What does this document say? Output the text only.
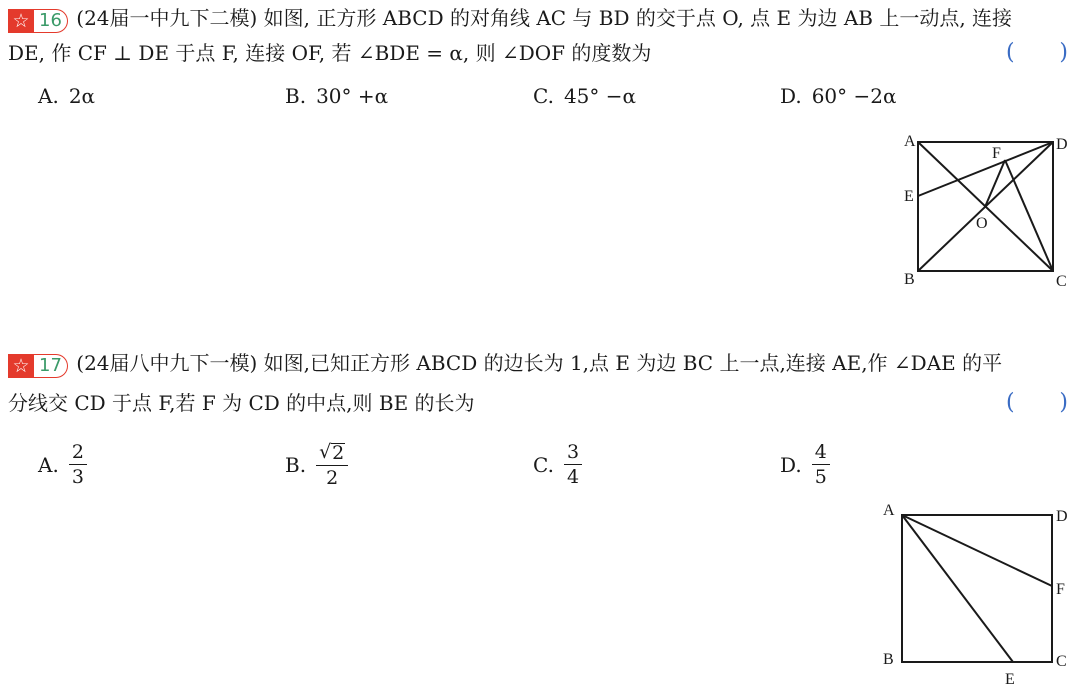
☆ 16 (24届一中九下二模) 如图, 正方形 ABCD 的对角线 AC 与 BD 的交于点 O, 点 E 为边 AB 上一动点, 连接
DE, 作 CF ⊥ DE 于点 F, 连接 OF, 若 ∠BDE = α, 则 ∠DOF 的度数为	( )
A. 2α	B. 30° +α	C. 45° −α	D. 60° −2α
A	D
E
F
O
B	C
☆ 17 (24届八中九下一模) 如图,已知正方形 ABCD 的边长为 1,点 E 为边 BC 上一点,连接 AE,作 ∠DAE 的平
分线交 CD 于点 F,若 F 为 CD 的中点,则 BE 的长为	( )
A. $\frac{2}{3}$	B. $\frac{√ 2}{2}$	C. $\frac{3}{4}$	D. $\frac{4}{5}$
A	D
F
B	C
E
